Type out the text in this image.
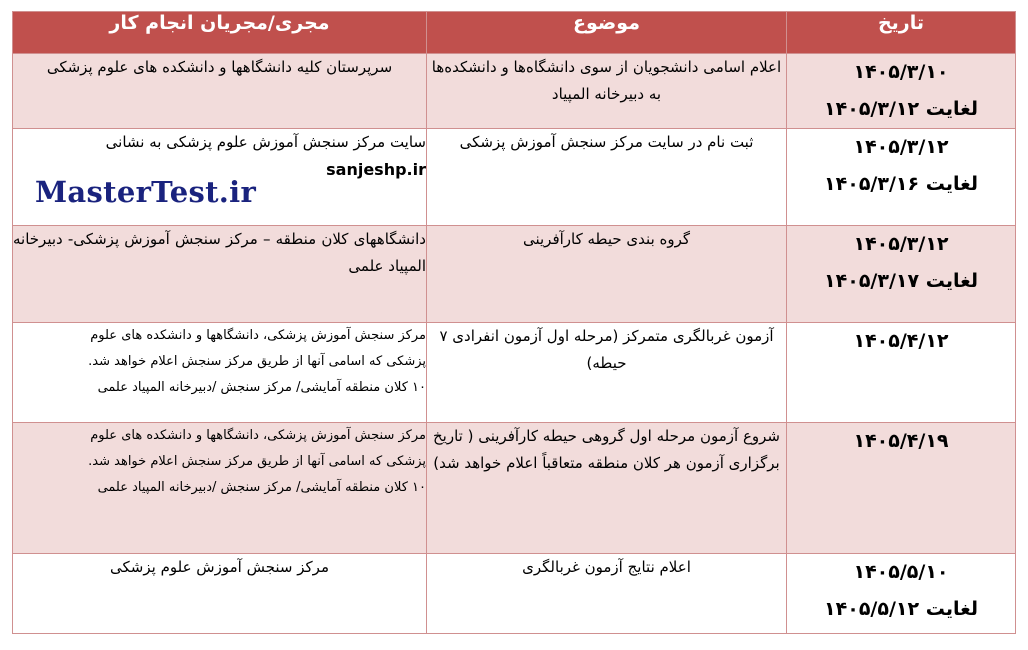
تاریخ	موضوع	مجری/مجریان انجام کار

۱۴۰۵/۳/۱۰
لغایت ۱۴۰۵/۳/۱۲	اعلام اسامی دانشجویان از سوی دانشگاه‌ها و دانشکده‌ها به دبیرخانه المپیاد	سرپرستان کلیه دانشگاهها و دانشکده های علوم پزشکی

۱۴۰۵/۳/۱۲
لغایت ۱۴۰۵/۳/۱۶	ثبت نام در سایت مرکز سنجش آموزش پزشکی	سایت مرکز سنجش آموزش علوم پزشکی به نشانی
sanjeshp.ir

۱۴۰۵/۳/۱۲
لغایت ۱۴۰۵/۳/۱۷	گروه بندی حیطه کارآفرینی	دانشگاههای کلان منطقه – مرکز سنجش آموزش پزشکی- دبیرخانه المپیاد علمی

۱۴۰۵/۴/۱۲	آزمون غربالگری متمرکز (مرحله اول آزمون انفرادی ۷ حیطه)	مرکز سنجش آموزش پزشکی، دانشگاهها و دانشکده های علوم
پزشکی که اسامی آنها از طریق مرکز سنجش اعلام خواهد شد.
۱۰ کلان منطقه آمایشی/ مرکز سنجش /دبیرخانه المپیاد علمی

۱۴۰۵/۴/۱۹	شروع آزمون مرحله اول گروهی حیطه کارآفرینی ( تاریخ برگزاری آزمون هر کلان منطقه متعاقباً اعلام خواهد شد)	مرکز سنجش آموزش پزشکی، دانشگاهها و دانشکده های علوم
پزشکی که اسامی آنها از طریق مرکز سنجش اعلام خواهد شد.
۱۰ کلان منطقه آمایشی/ مرکز سنجش /دبیرخانه المپیاد علمی

۱۴۰۵/۵/۱۰
لغایت ۱۴۰۵/۵/۱۲	اعلام نتایج آزمون غربالگری	مرکز سنجش آموزش علوم پزشکی
MasterTest.ir
